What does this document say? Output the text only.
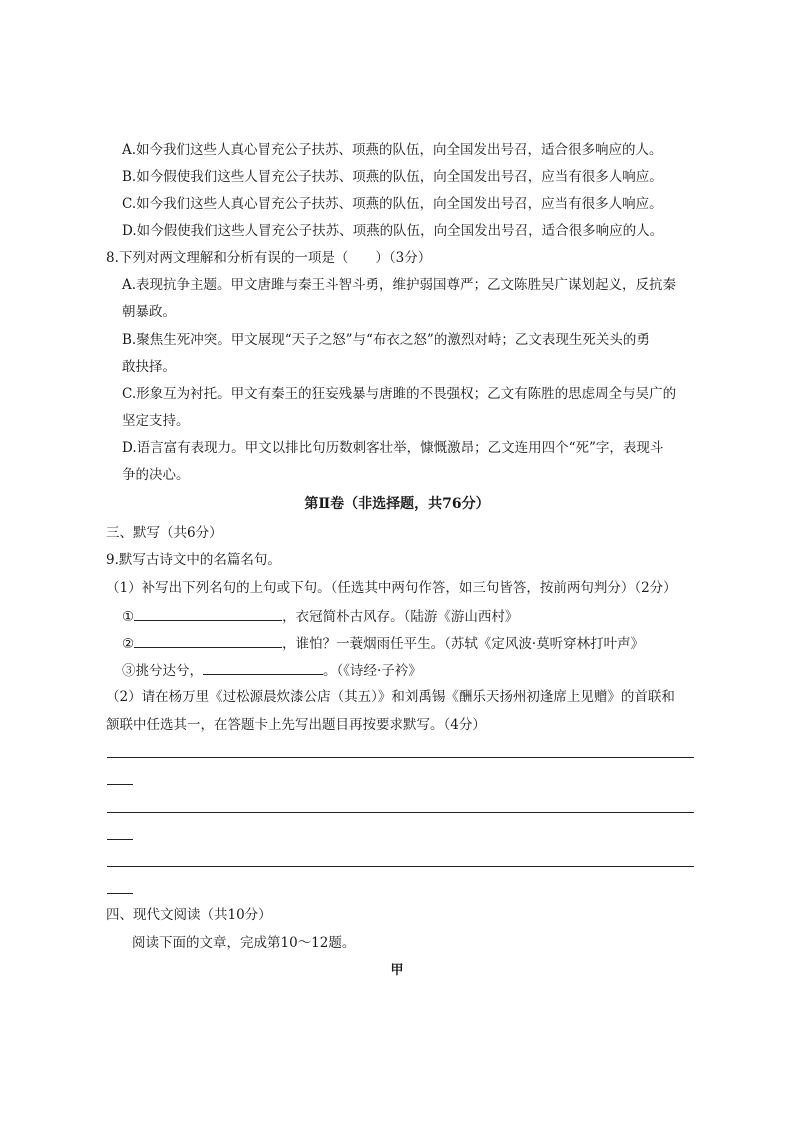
A.如今我们这些人真心冒充公子扶苏、项燕的队伍，向全国发出号召，适合很多响应的人。
B.如今假使我们这些人冒充公子扶苏、项燕的队伍，向全国发出号召，应当有很多人响应。
C.如今我们这些人真心冒充公子扶苏、项燕的队伍，向全国发出号召，应当有很多人响应。
D.如今假使我们这些人冒充公子扶苏、项燕的队伍，向全国发出号召，适合很多响应的人。
8.下列对两文理解和分析有误的一项是（　　）（3分）
A.表现抗争主题。甲文唐雎与秦王斗智斗勇，维护弱国尊严；乙文陈胜吴广谋划起义，反抗秦
朝暴政。
B.聚焦生死冲突。甲文展现“天子之怒”与“布衣之怒”的激烈对峙；乙文表现生死关头的勇
敢抉择。
C.形象互为衬托。甲文有秦王的狂妄残暴与唐雎的不畏强权；乙文有陈胜的思虑周全与吴广的
坚定支持。
D.语言富有表现力。甲文以排比句历数刺客壮举，慷慨激昂；乙文连用四个“死”字，表现斗
争的决心。
第Ⅱ卷（非选择题，共76分）
三、默写（共6分）
9.默写古诗文中的名篇名句。
（1）补写出下列名句的上句或下句。（任选其中两句作答，如三句皆答，按前两句判分）（2分）
①	，衣冠简朴古风存。（陆游《游山西村》
②	，谁怕？一蓑烟雨任平生。（苏轼《定风波·莫听穿林打叶声》
③挑兮达兮，	。（《诗经·子衿》
（2）请在杨万里《过松源晨炊漆公店（其五）》和刘禹锡《酬乐天扬州初逢席上见赠》的首联和
颔联中任选其一，在答题卡上先写出题目再按要求默写。（4分）
四、现代文阅读（共10分）
阅读下面的文章，完成第10～12题。
甲
